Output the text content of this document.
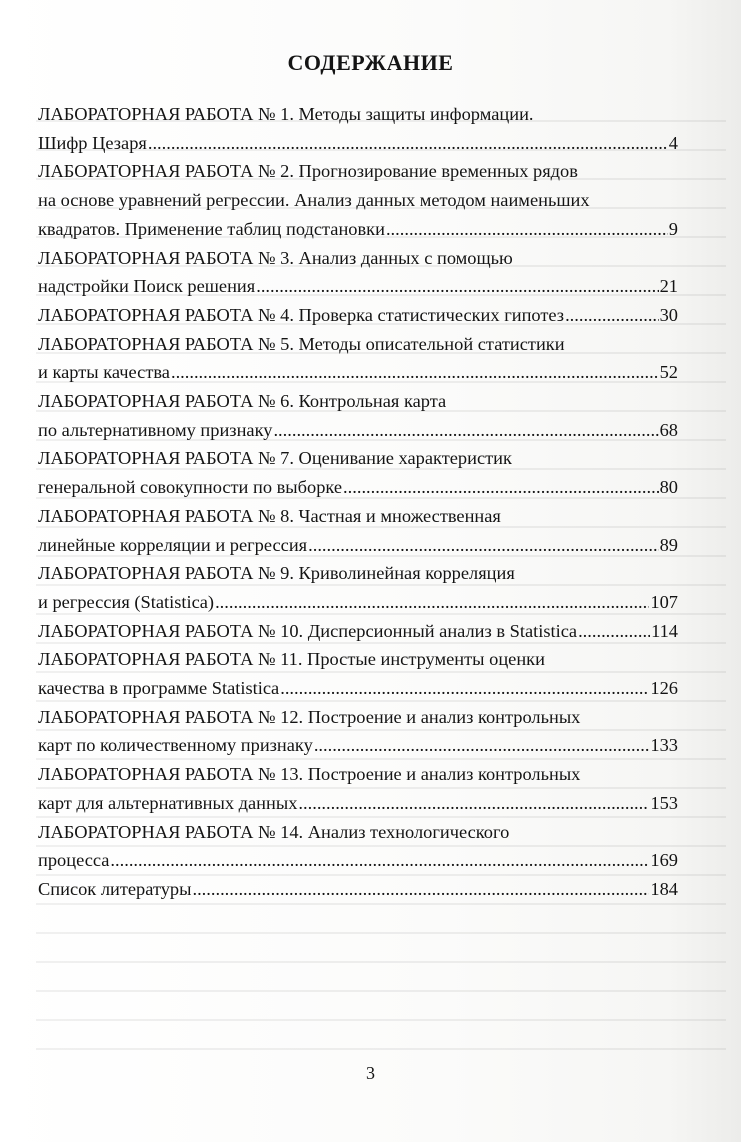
СОДЕРЖАНИЕ
ЛАБОРАТОРНАЯ РАБОТА № 1. Методы защиты информации.
Шифр Цезаря .....	4
ЛАБОРАТОРНАЯ РАБОТА № 2. Прогнозирование временных рядов
на основе уравнений регрессии. Анализ данных методом наименьших
квадратов. Применение таблиц подстановки .....	9
ЛАБОРАТОРНАЯ РАБОТА № 3. Анализ данных с помощью
надстройки Поиск решения .....	21
ЛАБОРАТОРНАЯ РАБОТА № 4. Проверка статистических гипотез .....	30
ЛАБОРАТОРНАЯ РАБОТА № 5. Методы описательной статистики
и карты качества .....	52
ЛАБОРАТОРНАЯ РАБОТА № 6. Контрольная карта
по альтернативному признаку .....	68
ЛАБОРАТОРНАЯ РАБОТА № 7. Оценивание характеристик
генеральной совокупности по выборке .....	80
ЛАБОРАТОРНАЯ РАБОТА № 8. Частная и множественная
линейные корреляции и регрессия .....	89
ЛАБОРАТОРНАЯ РАБОТА № 9. Криволинейная корреляция
и регрессия (Statistica) .....	107
ЛАБОРАТОРНАЯ РАБОТА № 10. Дисперсионный анализ в Statistica .....	114
ЛАБОРАТОРНАЯ РАБОТА № 11. Простые инструменты оценки
качества в программе Statistica .....	126
ЛАБОРАТОРНАЯ РАБОТА № 12. Построение и анализ контрольных
карт по количественному признаку .....	133
ЛАБОРАТОРНАЯ РАБОТА № 13. Построение и анализ контрольных
карт для альтернативных данных .....	153
ЛАБОРАТОРНАЯ РАБОТА № 14. Анализ технологического
процесса .....	169
Список литературы .....	184
3
